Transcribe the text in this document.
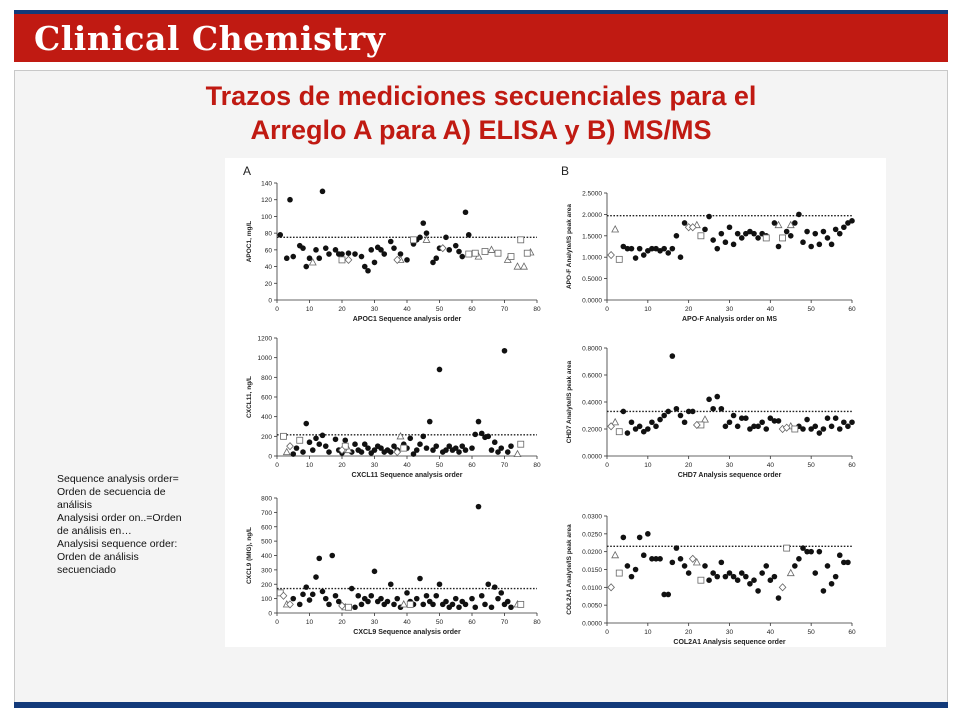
Clinical Chemistry
Trazos de mediciones secuenciales para el
Arreglo A para A) ELISA y B) MS/MS
Sequence analysis order=
Orden de secuencia de
análisis
Analysisi order on..=Orden
de análisis en…
Analysisi sequence order:
Orden de análisis
secuenciado
A
0
20
40
60
80
100
120
140
0	10	20	30	40	50	60	70	80
APOC1 Sequence analysis order
APOC1, mg/L
B
0.0000
0.5000
1.0000
1.5000
2.0000
2.5000
0	10	20	30	40	50	60
APO-F Analysis order on MS
APO-F Analyte/IS peak area
0
200
400
600
800
1000
1200
0	10	20	30	40	50	60	70	80
CXCL11 Sequence analysis order
CXCL11, ng/L
0.0000
0.2000
0.4000
0.6000
0.8000
0	10	20	30	40	50	60
CHD7 Analysis sequence order
CHD7 Analyte/IS peak area
0
100
200
300
400
500
600
700
800
0	10	20	30	40	50	60	70	80
CXCL9 Sequence analysis order
CXCL9 (MIG), ng/L
0.0000
0.0050
0.0100
0.0150
0.0200
0.0250
0.0300
0	10	20	30	40	50	60
COL2A1 Analysis sequence order
COL2A1 Analyte/IS peak area
